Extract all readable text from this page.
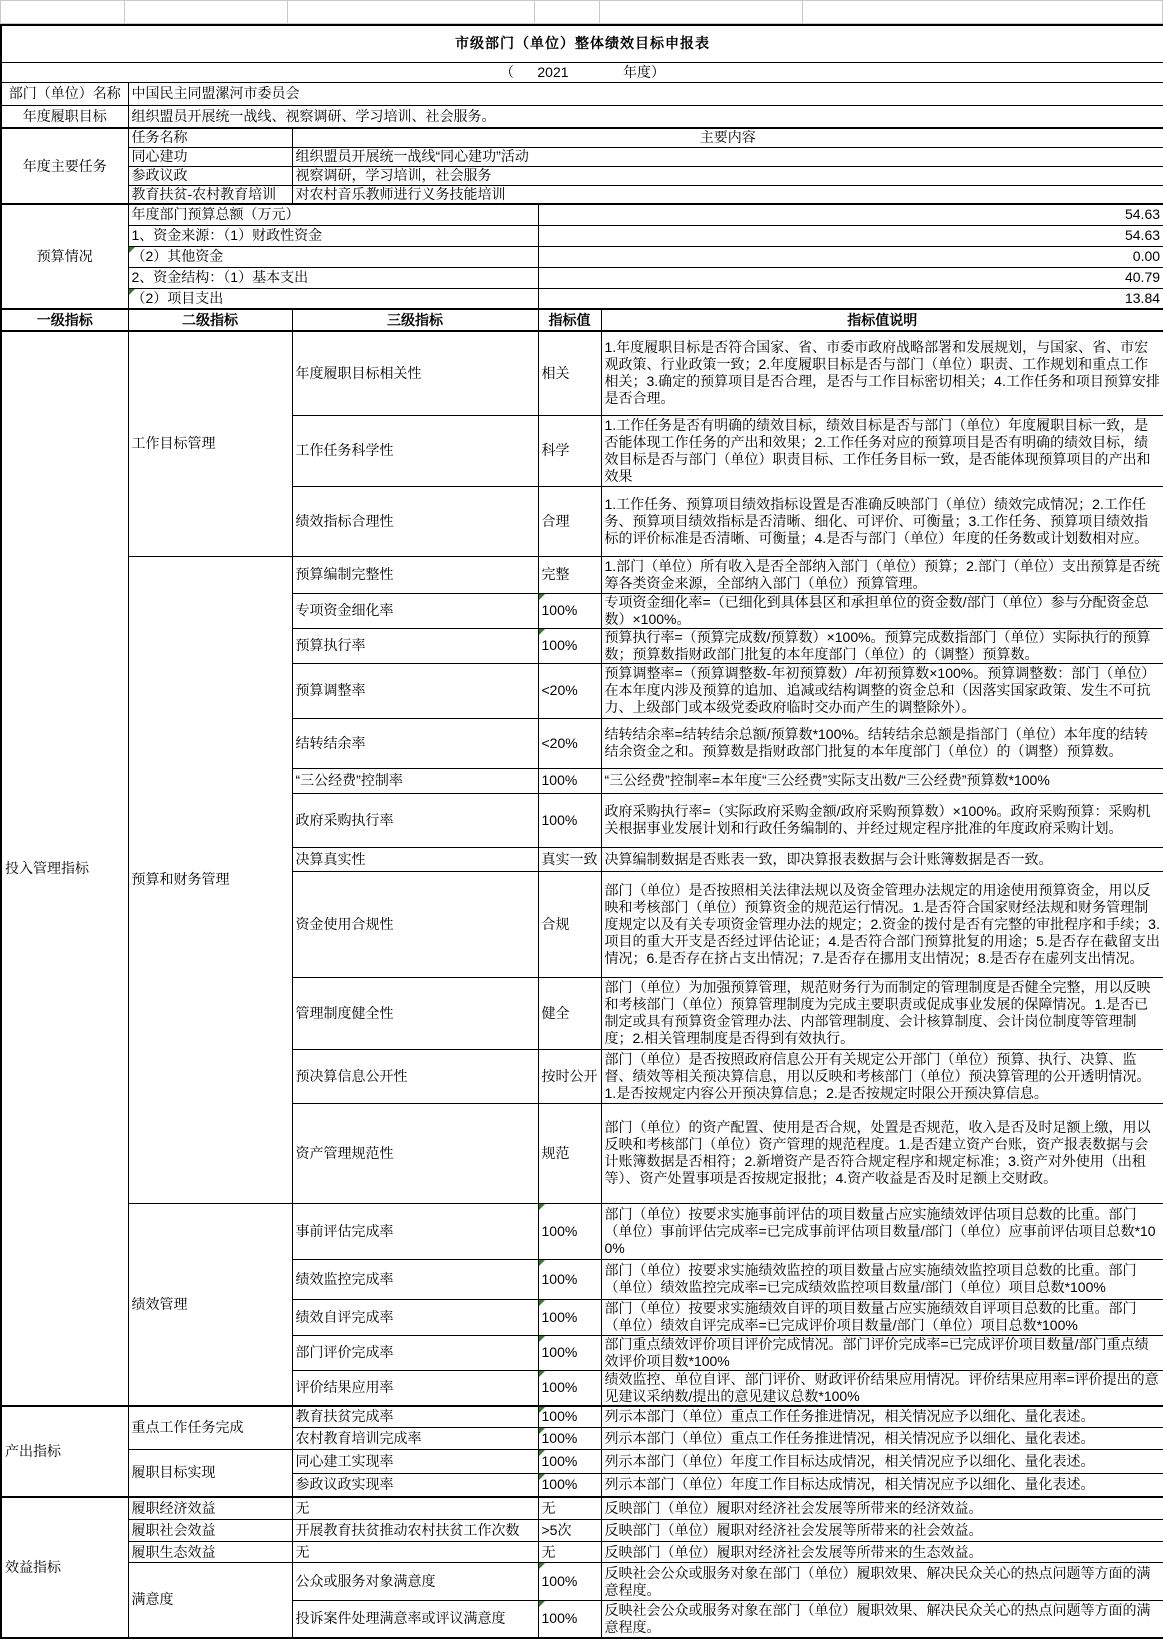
市级部门（单位）整体绩效目标申报表				
（      2021              年度）				
部门（单位）名称	中国民主同盟漯河市委员会			
年度履职目标	组织盟员开展统一战线、视察调研、学习培训、社会服务。			
年度主要任务	任务名称	主要内容		
	同心建功	组织盟员开展统一战线“同心建功”活动		
	参政议政	视察调研，学习培训，社会服务		
	教育扶贫-农村教育培训	对农村音乐教师进行义务技能培训		
预算情况	年度部门预算总额（万元）		54.63	
	1、资金来源：（1）财政性资金		54.63	
	（2）其他资金		0.00	
	2、资金结构：（1）基本支出		40.79	
	（2）项目支出		13.84	
一级指标	二级指标	三级指标	指标值	指标值说明
投入管理指标	工作目标管理	年度履职目标相关性	相关	1.年度履职目标是否符合国家、省、市委市政府战略部署和发展规划，与国家、省、市宏观政策、行业政策一致；2.年度履职目标是否与部门（单位）职责、工作规划和重点工作相关；3.确定的预算项目是否合理，是否与工作目标密切相关；4.工作任务和项目预算安排是否合理。
		工作任务科学性	科学	1.工作任务是否有明确的绩效目标，绩效目标是否与部门（单位）年度履职目标一致，是否能体现工作任务的产出和效果；2.工作任务对应的预算项目是否有明确的绩效目标，绩效目标是否与部门（单位）职责目标、工作任务目标一致，是否能体现预算项目的产出和效果
		绩效指标合理性	合理	1.工作任务、预算项目绩效指标设置是否准确反映部门（单位）绩效完成情况；2.工作任务、预算项目绩效指标是否清晰、细化、可评价、可衡量；3.工作任务、预算项目绩效指标的评价标准是否清晰、可衡量；4.是否与部门（单位）年度的任务数或计划数相对应。
	预算和财务管理	预算编制完整性	完整	1.部门（单位）所有收入是否全部纳入部门（单位）预算；2.部门（单位）支出预算是否统筹各类资金来源，全部纳入部门（单位）预算管理。
		专项资金细化率	100%	专项资金细化率=（已细化到具体县区和承担单位的资金数/部门（单位）参与分配资金总数）×100%。
		预算执行率	100%	预算执行率=（预算完成数/预算数）×100%。预算完成数指部门（单位）实际执行的预算数；预算数指财政部门批复的本年度部门（单位）的（调整）预算数。
		预算调整率	<20%	预算调整率=（预算调整数-年初预算数）/年初预算数×100%。预算调整数：部门（单位）在本年度内涉及预算的追加、追减或结构调整的资金总和（因落实国家政策、发生不可抗力、上级部门或本级党委政府临时交办而产生的调整除外）。
		结转结余率	<20%	结转结余率=结转结余总额/预算数*100%。结转结余总额是指部门（单位）本年度的结转结余资金之和。预算数是指财政部门批复的本年度部门（单位）的（调整）预算数。
		“三公经费”控制率	100%	“三公经费”控制率=本年度“三公经费”实际支出数/“三公经费”预算数*100%
		政府采购执行率	100%	政府采购执行率=（实际政府采购金额/政府采购预算数）×100%。政府采购预算：采购机关根据事业发展计划和行政任务编制的、并经过规定程序批准的年度政府采购计划。
		决算真实性	真实一致	决算编制数据是否账表一致，即决算报表数据与会计账簿数据是否一致。
		资金使用合规性	合规	部门（单位）是否按照相关法律法规以及资金管理办法规定的用途使用预算资金，用以反映和考核部门（单位）预算资金的规范运行情况。1.是否符合国家财经法规和财务管理制度规定以及有关专项资金管理办法的规定；2.资金的拨付是否有完整的审批程序和手续；3.项目的重大开支是否经过评估论证；4.是否符合部门预算批复的用途；5.是否存在截留支出情况；6.是否存在挤占支出情况；7.是否存在挪用支出情况；8.是否存在虚列支出情况。
		管理制度健全性	健全	部门（单位）为加强预算管理，规范财务行为而制定的管理制度是否健全完整，用以反映和考核部门（单位）预算管理制度为完成主要职责或促成事业发展的保障情况。1.是否已制定或具有预算资金管理办法、内部管理制度、会计核算制度、会计岗位制度等管理制度；2.相关管理制度是否得到有效执行。
		预决算信息公开性	按时公开	部门（单位）是否按照政府信息公开有关规定公开部门（单位）预算、执行、决算、监督、绩效等相关预决算信息，用以反映和考核部门（单位）预决算管理的公开透明情况。1.是否按规定内容公开预决算信息；2.是否按规定时限公开预决算信息。
		资产管理规范性	规范	部门（单位）的资产配置、使用是否合规，处置是否规范，收入是否及时足额上缴，用以反映和考核部门（单位）资产管理的规范程度。1.是否建立资产台账，资产报表数据与会计账簿数据是否相符；2.新增资产是否符合规定程序和规定标准；3.资产对外使用（出租等）、资产处置事项是否按规定报批；4.资产收益是否及时足额上交财政。
	绩效管理	事前评估完成率	100%	部门（单位）按要求实施事前评估的项目数量占应实施绩效评估项目总数的比重。部门（单位）事前评估完成率=已完成事前评估项目数量/部门（单位）应事前评估项目总数*100%
		绩效监控完成率	100%	部门（单位）按要求实施绩效监控的项目数量占应实施绩效监控项目总数的比重。部门（单位）绩效监控完成率=已完成绩效监控项目数量/部门（单位）项目总数*100%
		绩效自评完成率	100%	部门（单位）按要求实施绩效自评的项目数量占应实施绩效自评项目总数的比重。部门（单位）绩效自评完成率=已完成评价项目数量/部门（单位）项目总数*100%
		部门评价完成率	100%	部门重点绩效评价项目评价完成情况。部门评价完成率=已完成评价项目数量/部门重点绩效评价项目数*100%
		评价结果应用率	100%	绩效监控、单位自评、部门评价、财政评价结果应用情况。评价结果应用率=评价提出的意见建议采纳数/提出的意见建议总数*100%
产出指标	重点工作任务完成	教育扶贫完成率	100%	列示本部门（单位）重点工作任务推进情况，相关情况应予以细化、量化表述。
		农村教育培训完成率	100%	列示本部门（单位）重点工作任务推进情况，相关情况应予以细化、量化表述。
	履职目标实现	同心建工实现率	100%	列示本部门（单位）年度工作目标达成情况，相关情况应予以细化、量化表述。
		参政议政实现率	100%	列示本部门（单位）年度工作目标达成情况，相关情况应予以细化、量化表述。
效益指标	履职经济效益	无	无	反映部门（单位）履职对经济社会发展等所带来的经济效益。
	履职社会效益	开展教育扶贫推动农村扶贫工作次数	>5次	反映部门（单位）履职对经济社会发展等所带来的社会效益。
	履职生态效益	无	无	反映部门（单位）履职对经济社会发展等所带来的生态效益。
	满意度	公众或服务对象满意度	100%	反映社会公众或服务对象在部门（单位）履职效果、解决民众关心的热点问题等方面的满意程度。
		投诉案件处理满意率或评议满意度	100%	反映社会公众或服务对象在部门（单位）履职效果、解决民众关心的热点问题等方面的满意程度。
